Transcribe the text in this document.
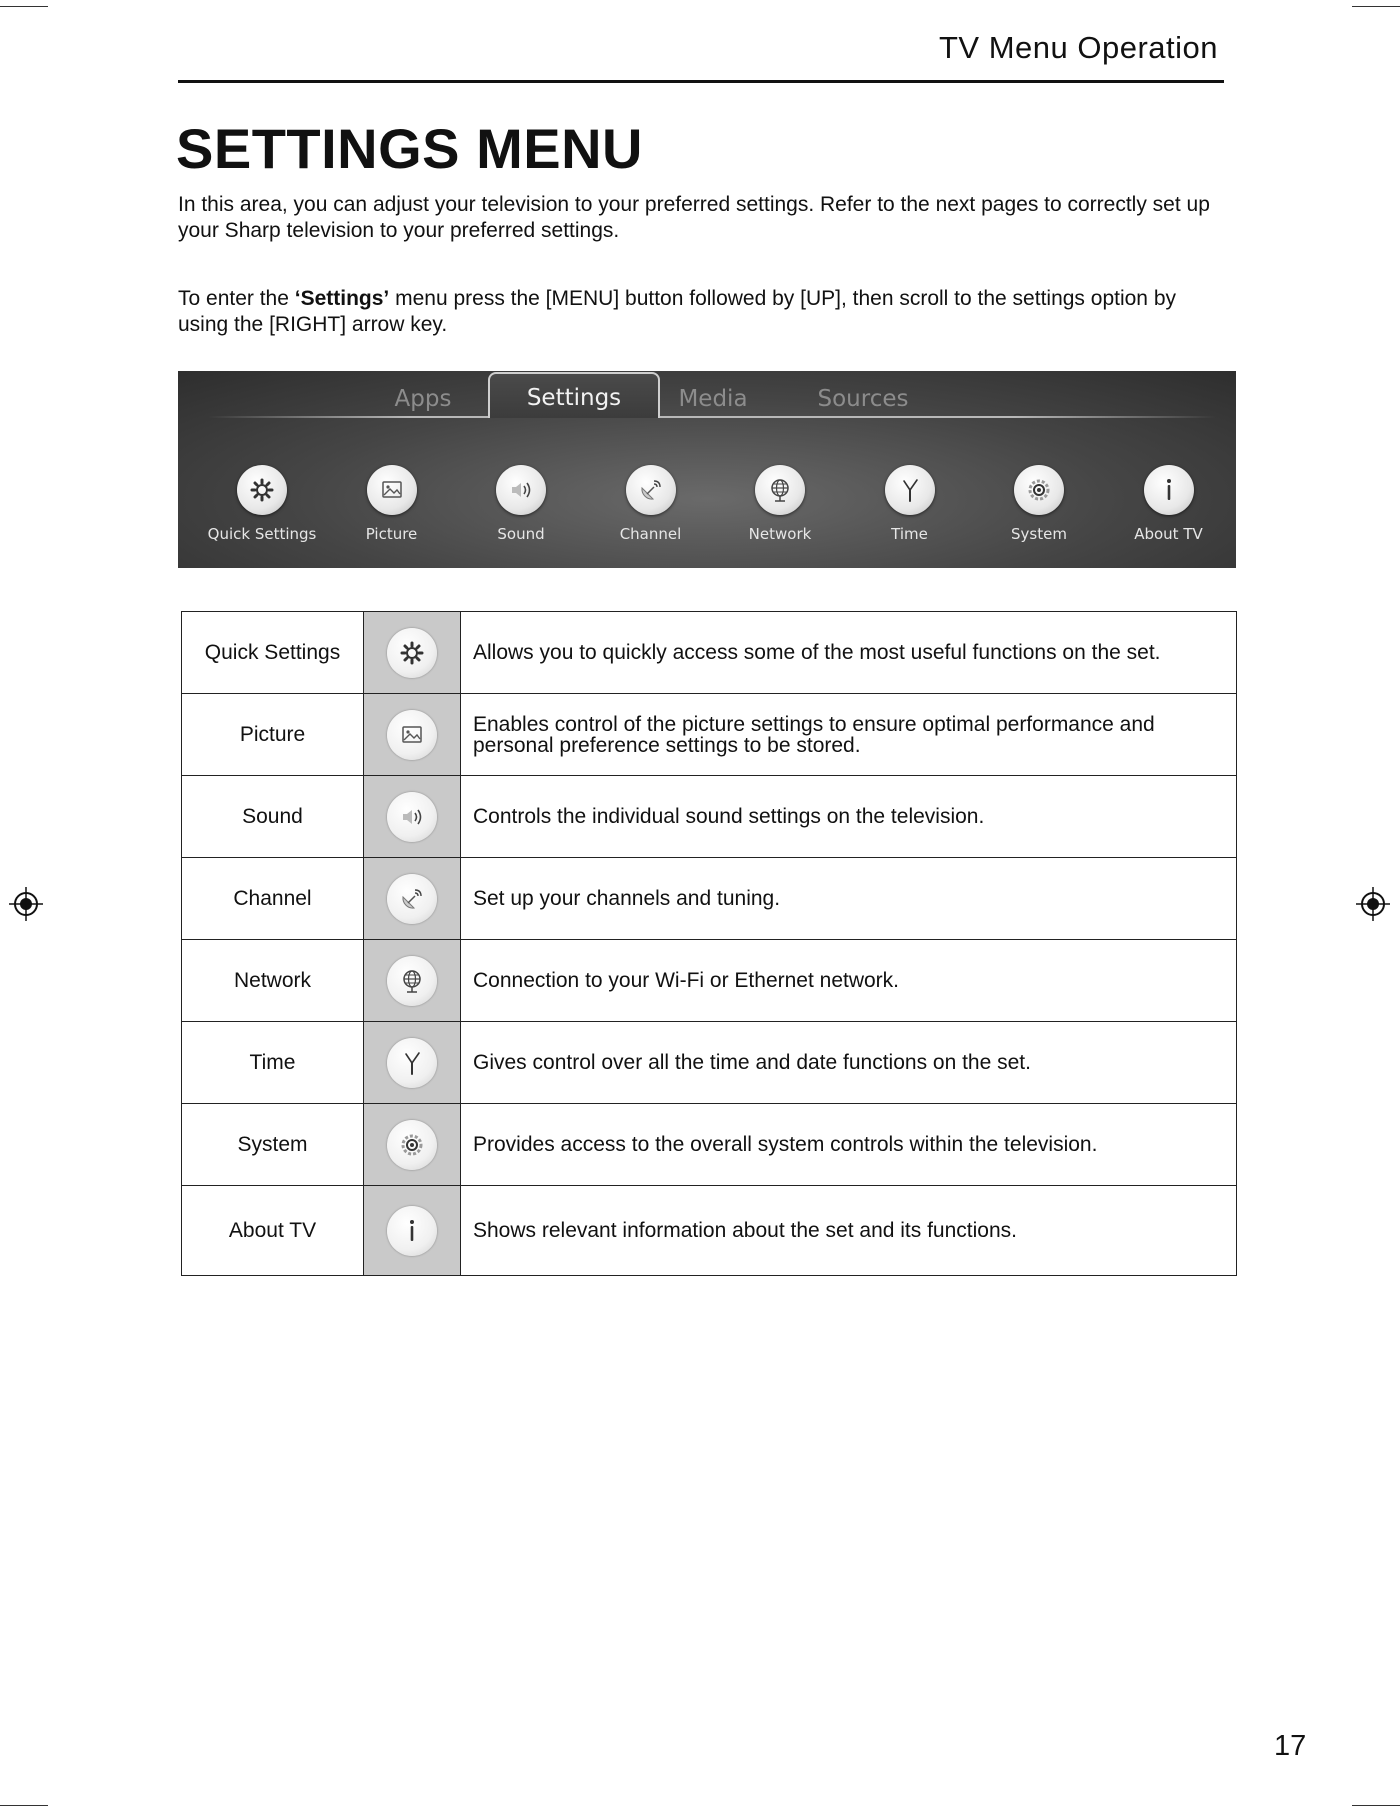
TV Menu Operation
SETTINGS MENU

In this area, you can adjust your television to your preferred settings. Refer to the next pages to correctly set up your Sharp television to your preferred settings.

To enter the ‘Settings’ menu press the [MENU] button followed by [UP], then scroll to the settings option by using the [RIGHT] arrow key.

Apps	Settings	Media	Sources
Quick Settings	Picture	Sound	Channel	Network	Time	System	About TV
Quick Settings		Allows you to quickly access some of the most useful functions on the set.
Picture		Enables control of the picture settings to ensure optimal performance and personal preference settings to be stored.
Sound		Controls the individual sound settings on the television.
Channel		Set up your channels and tuning.
Network		Connection to your Wi-Fi or Ethernet network.
Time		Gives control over all the time and date functions on the set.
System		Provides access to the overall system controls within the television.
About TV		Shows relevant information about the set and its functions.
17
